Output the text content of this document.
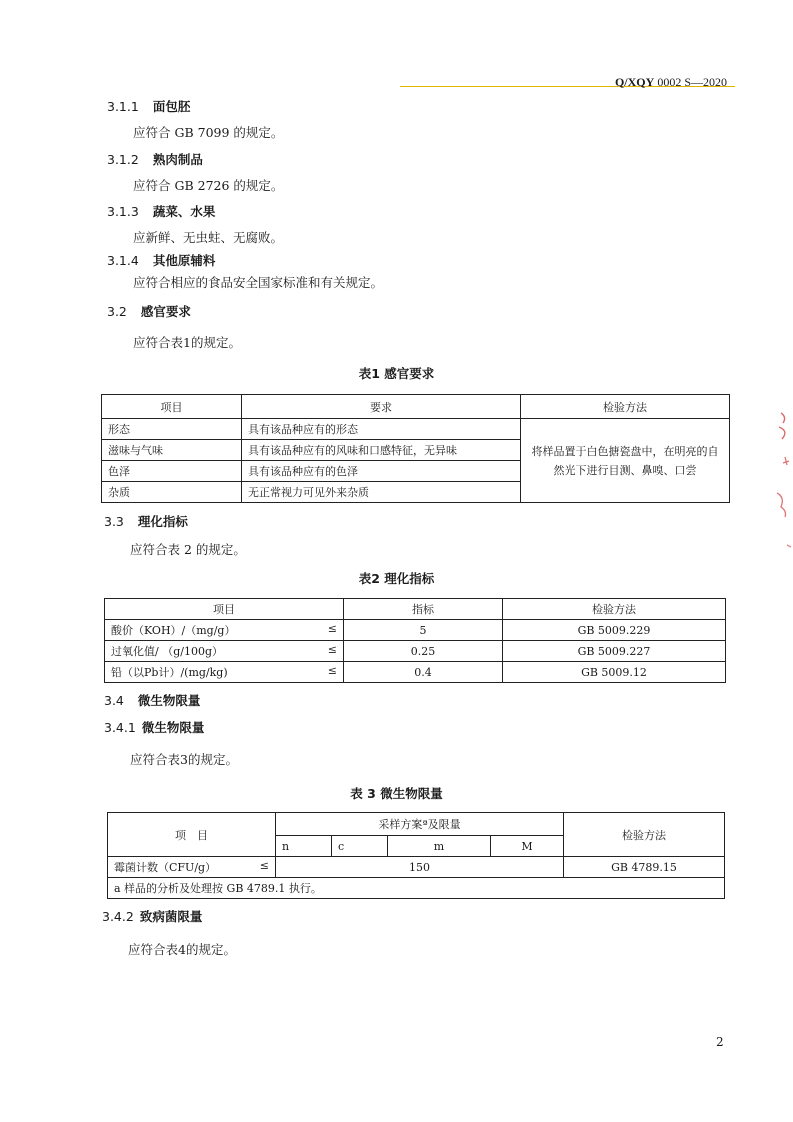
Q/XQY 0002 S—2020
3.1.1 面包胚
应符合 GB 7099 的规定。
3.1.2 熟肉制品
应符合 GB 2726 的规定。
3.1.3 蔬菜、水果
应新鲜、无虫蛀、无腐败。
3.1.4 其他原辅料
应符合相应的食品安全国家标准和有关规定。
3.2 感官要求
应符合表1的规定。
表1 感官要求
项目	要求	检验方法
形态	具有该品种应有的形态	将样品置于白色搪瓷盘中，在明亮的自然光下进行目测、鼻嗅、口尝
滋味与气味	具有该品种应有的风味和口感特征，无异味	
色泽	具有该品种应有的色泽	
杂质	无正常视力可见外来杂质	
3.3 理化指标
应符合表 2 的规定。
表2 理化指标
项目	指标	检验方法
酸价（KOH）/（mg/g） ≤	5	GB 5009.229
过氧化值/ （g/100g） ≤	0.25	GB 5009.227
铅（以Pb计）/(mg/kg) ≤	0.4	GB 5009.12
3.4 微生物限量
3.4.1 微生物限量
应符合表3的规定。
表 3 微生物限量
项　目	采样方案ª及限量				检验方法
	n	c	m	M	
霉菌计数（CFU/g） ≤	150				GB 4789.15
a 样品的分析及处理按 GB 4789.1 执行。					
3.4.2 致病菌限量
应符合表4的规定。
2
